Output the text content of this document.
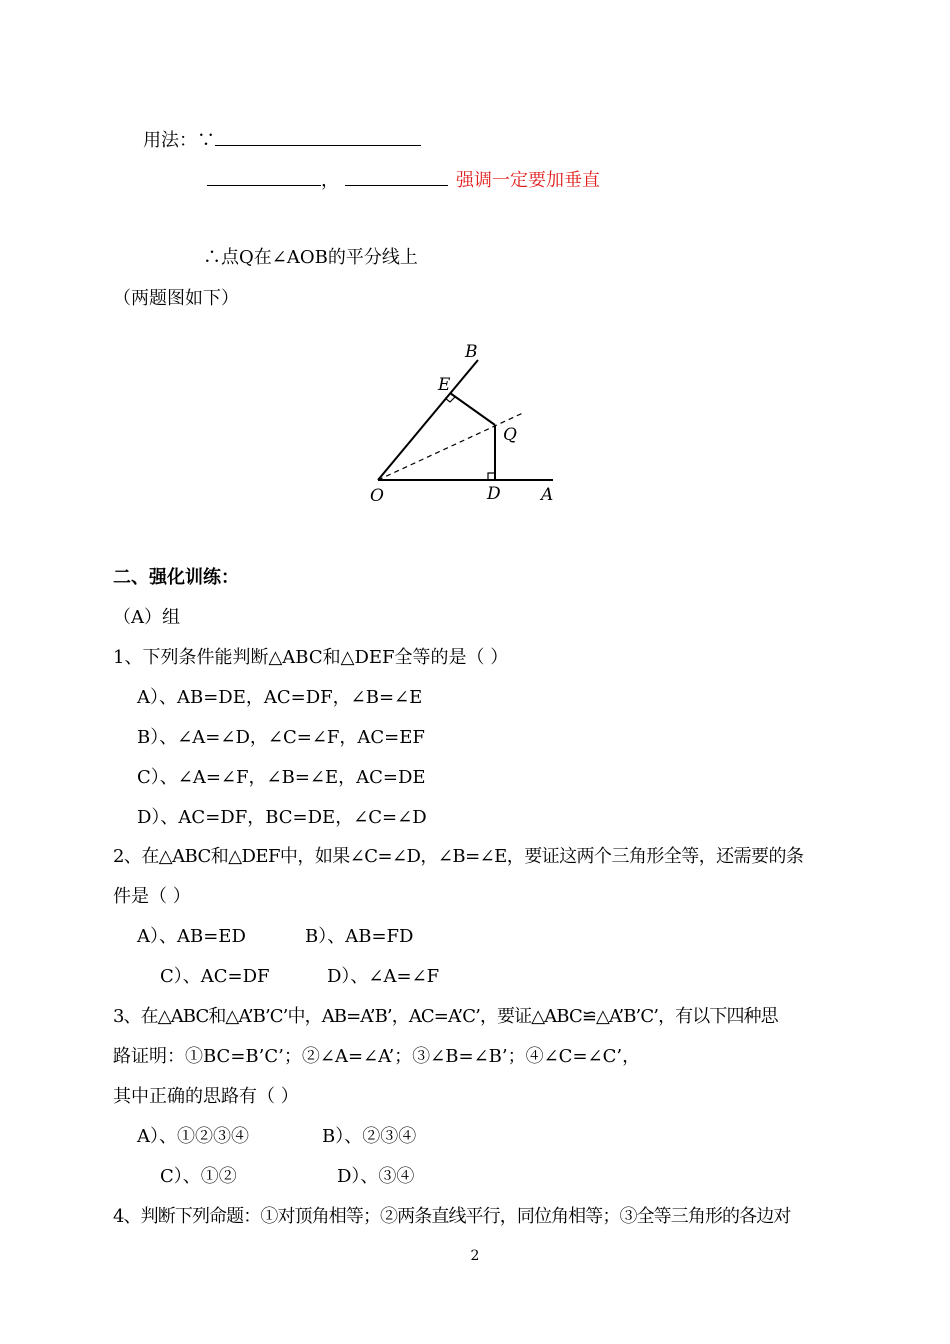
用法：∵
，	强调一定要加垂直
∴点Q在∠AOB的平分线上
（两题图如下）
B
E
Q
O	D A
二、强化训练：
（A）组
1、下列条件能判断△ABC和△DEF全等的是（ ）
A）、AB=DE，AC=DF，∠B=∠E
B）、∠A=∠D，∠C=∠F，AC=EF
C）、∠A=∠F，∠B=∠E，AC=DE
D）、AC=DF，BC=DE，∠C=∠D
2、在△ABC和△DEF中，如果∠C=∠D，∠B=∠E，要证这两个三角形全等，还需要的条
件是（ ）
A）、AB=ED	B）、AB=FD
C）、AC=DF	D）、∠A=∠F
3、在△ABC和△A’B’C’中，AB=A’B’，AC=A’C’，要证△ABC≌△A’B’C’，有以下四种思
路证明：①BC=B’C’；②∠A=∠A’；③∠B=∠B’；④∠C=∠C’，
其中正确的思路有（ ）
A）、①②③④	B）、②③④
C）、①②	D）、③④
4、判断下列命题：①对顶角相等；②两条直线平行，同位角相等；③全等三角形的各边对
2
